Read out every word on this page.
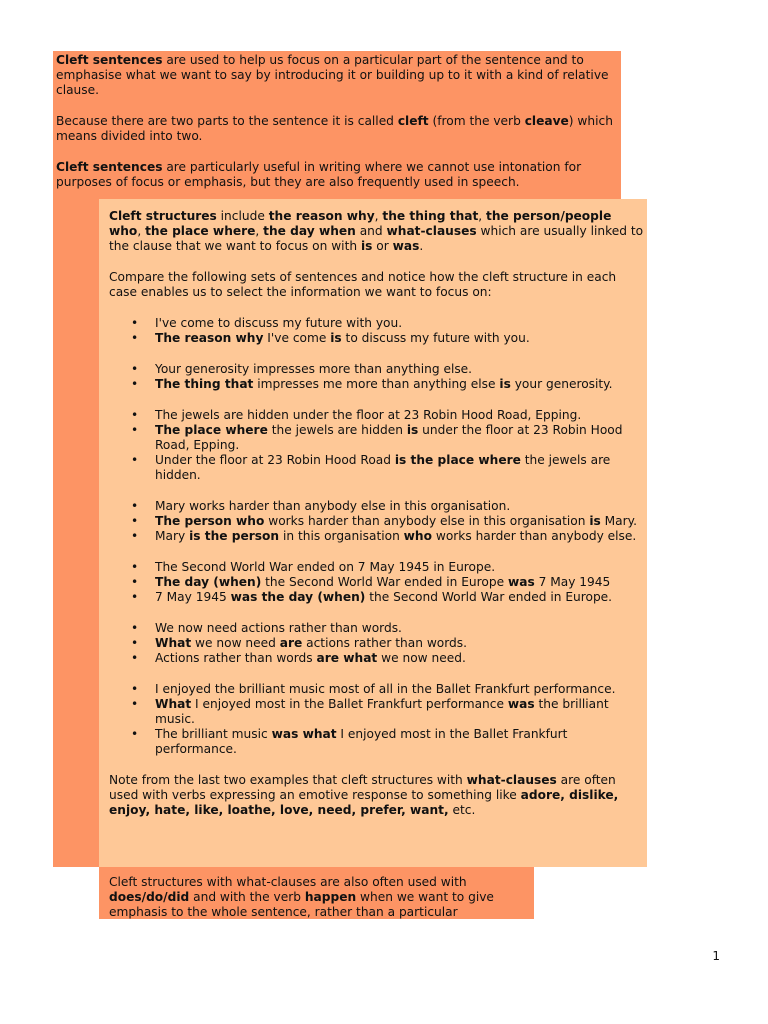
Cleft sentences are used to help us focus on a particular part of the sentence and to emphasise what we want to say by introducing it or building up to it with a kind of relative clause.

Because there are two parts to the sentence it is called cleft (from the verb cleave) which means divided into two.

Cleft sentences are particularly useful in writing where we cannot use intonation for purposes of focus or emphasis, but they are also frequently used in speech.

Cleft structures include the reason why, the thing that, the person/people who, the place where, the day when and what-clauses which are usually linked to the clause that we want to focus on with is or was.

Compare the following sets of sentences and notice how the cleft structure in each case enables us to select the information we want to focus on:

• I've come to discuss my future with you.
• The reason why I've come is to discuss my future with you.
• Your generosity impresses more than anything else.
• The thing that impresses me more than anything else is your generosity.
• The jewels are hidden under the floor at 23 Robin Hood Road, Epping.
• The place where the jewels are hidden is under the floor at 23 Robin Hood Road, Epping.
• Under the floor at 23 Robin Hood Road is the place where the jewels are hidden.
• Mary works harder than anybody else in this organisation.
• The person who works harder than anybody else in this organisation is Mary.
• Mary is the person in this organisation who works harder than anybody else.
• The Second World War ended on 7 May 1945 in Europe.
• The day (when) the Second World War ended in Europe was 7 May 1945
• 7 May 1945 was the day (when) the Second World War ended in Europe.
• We now need actions rather than words.
• What we now need are actions rather than words.
• Actions rather than words are what we now need.
• I enjoyed the brilliant music most of all in the Ballet Frankfurt performance.
• What I enjoyed most in the Ballet Frankfurt performance was the brilliant music.
• The brilliant music was what I enjoyed most in the Ballet Frankfurt performance.

Note from the last two examples that cleft structures with what-clauses are often used with verbs expressing an emotive response to something like adore, dislike, enjoy, hate, like, loathe, love, need, prefer, want, etc.

Cleft structures with what-clauses are also often used with does/do/did and with the verb happen when we want to give emphasis to the whole sentence, rather than a particular

1
